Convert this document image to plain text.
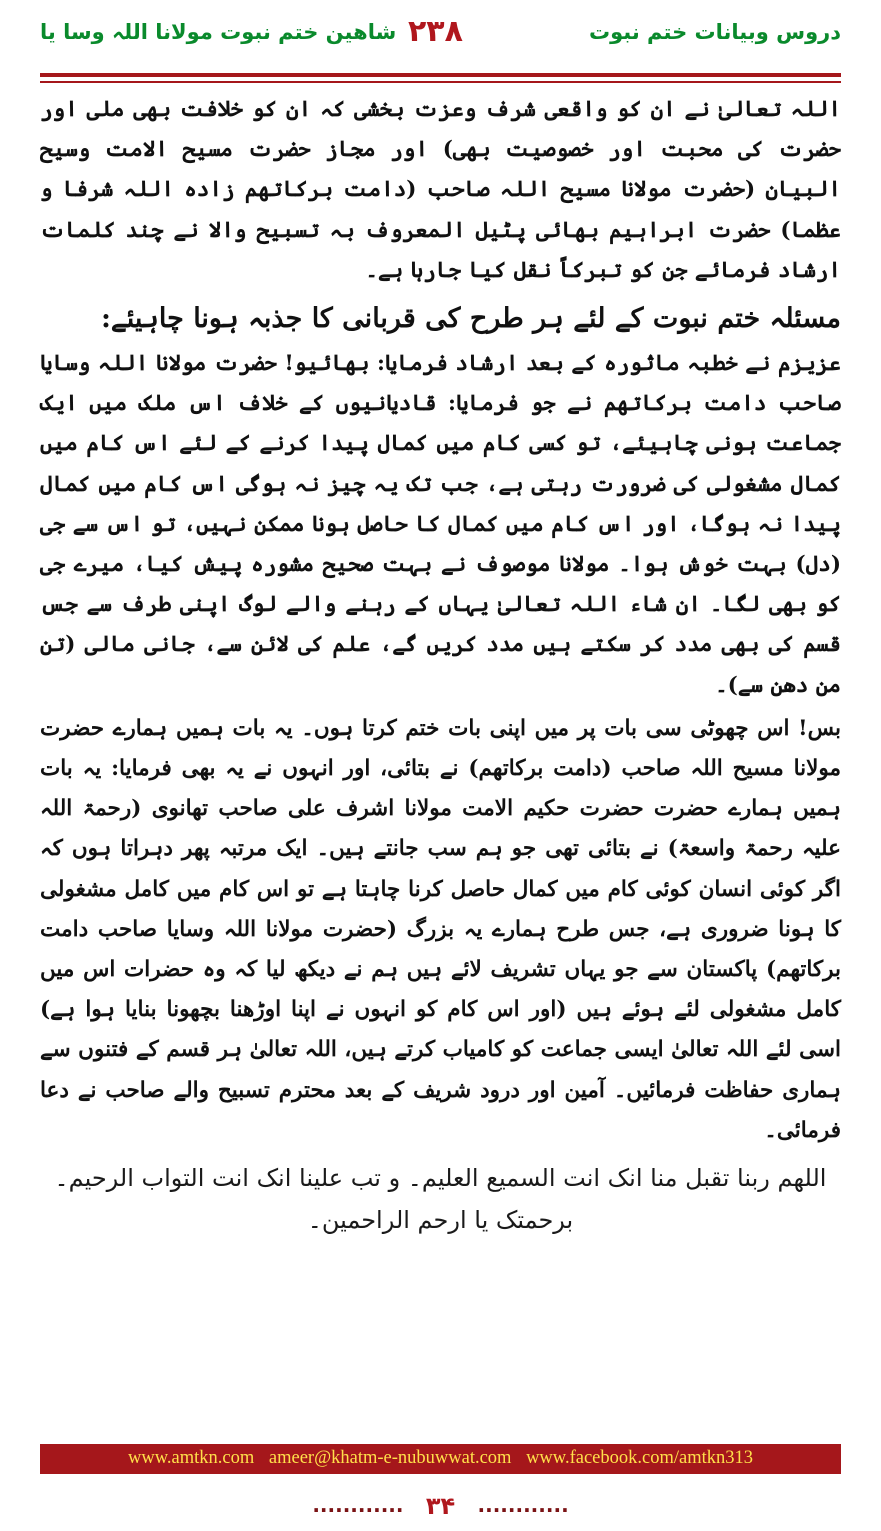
دروس وبیانات ختم نبوت
۲۳۸
شاهین ختم نبوت مولانا اللہ وسا یا

اللہ تعالیٰ نے ان کو واقعی شرف وعزت بخشی کہ ان کو خلافت بھی ملی اور حضرت کی محبت اور خصوصیت بھی) اور مجاز حضرت مسیح الامت وسیح البیان (حضرت مولانا مسیح اللہ صاحب (دامت برکاتھم زادہ اللہ شرفا و عظما) حضرت ابراہیم بھائی پٹیل المعروف بہ تسبیح والا نے چند کلمات ارشاد فرمائے جن کو تبرکاً نقل کیا جارہا ہے۔

مسئلہ ختم نبوت کے لئے ہر طرح کی قربانی کا جذبہ ہونا چاہیئے:

عزیزم نے خطبہ ماثورہ کے بعد ارشاد فرمایا: بھائیو! حضرت مولانا اللہ وسایا صاحب دامت برکاتھم نے جو فرمایا: قادیانیوں کے خلاف اس ملک میں ایک جماعت ہونی چاہیئے، تو کسی کام میں کمال پیدا کرنے کے لئے اس کام میں کمال مشغولی کی ضرورت رہتی ہے، جب تک یہ چیز نہ ہوگی اس کام میں کمال پیدا نہ ہوگا، اور اس کام میں کمال کا حاصل ہونا ممکن نہیں، تو اس سے جی (دل) بہت خوش ہوا۔ مولانا موصوف نے بہت صحیح مشورہ پیش کیا، میرے جی کو بھی لگا۔ ان شاء اللہ تعالیٰ یہاں کے رہنے والے لوگ اپنی طرف سے جس قسم کی بھی مدد کر سکتے ہیں مدد کریں گے، علم کی لائن سے، جانی مالی (تن من دھن سے)۔

بس! اس چھوٹی سی بات پر میں اپنی بات ختم کرتا ہوں۔ یہ بات ہمیں ہمارے حضرت مولانا مسیح اللہ صاحب (دامت برکاتھم) نے بتائی، اور انہوں نے یہ بھی فرمایا: یہ بات ہمیں ہمارے حضرت حضرت حکیم الامت مولانا اشرف علی صاحب تھانوی (رحمۃ اللہ علیہ رحمۃ واسعۃ) نے بتائی تھی جو ہم سب جانتے ہیں۔ ایک مرتبہ پھر دہراتا ہوں کہ اگر کوئی انسان کوئی کام میں کمال حاصل کرنا چاہتا ہے تو اس کام میں کامل مشغولی کا ہونا ضروری ہے، جس طرح ہمارے یہ بزرگ (حضرت مولانا اللہ وسایا صاحب دامت برکاتھم) پاکستان سے جو یہاں تشریف لائے ہیں ہم نے دیکھ لیا کہ وہ حضرات اس میں کامل مشغولی لئے ہوئے ہیں (اور اس کام کو انہوں نے اپنا اوڑھنا بچھونا بنایا ہوا ہے) اسی لئے اللہ تعالیٰ ایسی جماعت کو کامیاب کرتے ہیں، اللہ تعالیٰ ہر قسم کے فتنوں سے ہماری حفاظت فرمائیں۔ آمین اور درود شریف کے بعد محترم تسبیح والے صاحب نے دعا فرمائی۔

اللهم ربنا تقبل منا انک انت السمیع العلیم۔ و تب علینا انک انت التواب الرحیم۔ برحمتک یا ارحم الراحمین۔
www.amtkn.com ameer@khatm-e-nubuwwat.com www.facebook.com/amtkn313
............ ۳۴ ............
